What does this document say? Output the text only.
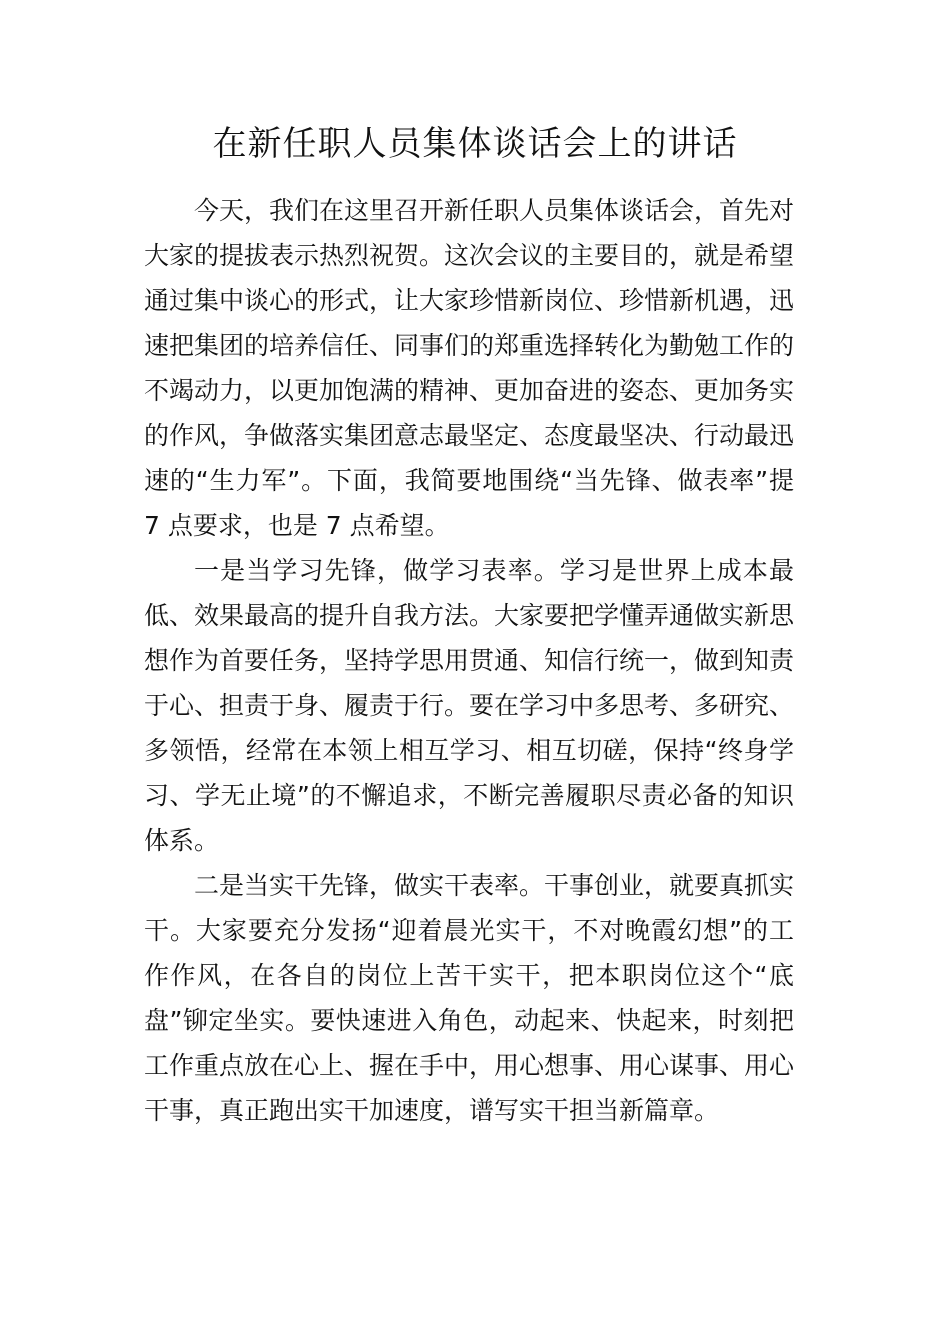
在新任职人员集体谈话会上的讲话

今天，我们在这里召开新任职人员集体谈话会，首先对大家的提拔表示热烈祝贺。这次会议的主要目的，就是希望通过集中谈心的形式，让大家珍惜新岗位、珍惜新机遇，迅速把集团的培养信任、同事们的郑重选择转化为勤勉工作的不竭动力，以更加饱满的精神、更加奋进的姿态、更加务实的作风，争做落实集团意志最坚定、态度最坚决、行动最迅速的“生力军”。下面，我简要地围绕“当先锋、做表率”提 7 点要求，也是 7 点希望。

一是当学习先锋，做学习表率。学习是世界上成本最低、效果最高的提升自我方法。大家要把学懂弄通做实新思想作为首要任务，坚持学思用贯通、知信行统一，做到知责于心、担责于身、履责于行。要在学习中多思考、多研究、多领悟，经常在本领上相互学习、相互切磋，保持“终身学习、学无止境”的不懈追求，不断完善履职尽责必备的知识体系。

二是当实干先锋，做实干表率。干事创业，就要真抓实干。大家要充分发扬“迎着晨光实干，不对晚霞幻想”的工作作风，在各自的岗位上苦干实干，把本职岗位这个“底盘”铆定坐实。要快速进入角色，动起来、快起来，时刻把工作重点放在心上、握在手中，用心想事、用心谋事、用心干事，真正跑出实干加速度，谱写实干担当新篇章。
